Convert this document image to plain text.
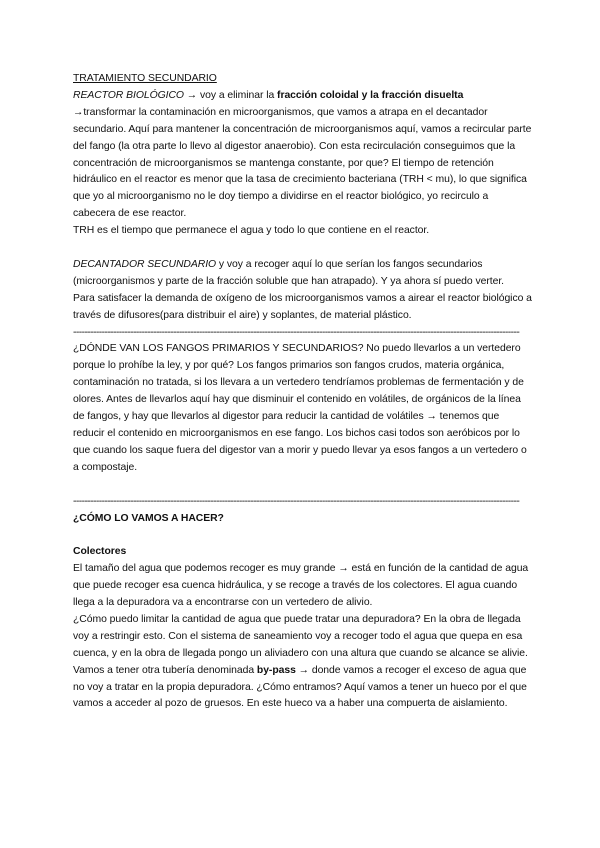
TRATAMIENTO SECUNDARIO

REACTOR BIOLÓGICO → voy a eliminar la fracción coloidal y la fracción disuelta

→transformar la contaminación en microorganismos, que vamos a atrapa en el decantador secundario. Aquí para mantener la concentración de microorganismos aquí, vamos a recircular parte del fango (la otra parte lo llevo al digestor anaerobio). Con esta recirculación conseguimos que la concentración de microorganismos se mantenga constante, por que? El tiempo de retención hidráulico en el reactor es menor que la tasa de crecimiento bacteriana (TRH < mu), lo que significa que yo al microorganismo no le doy tiempo a dividirse en el reactor biológico, yo recirculo a cabecera de ese reactor.

TRH es el tiempo que permanece el agua y todo lo que contiene en el reactor.

DECANTADOR SECUNDARIO y voy a recoger aquí lo que serían los fangos secundarios (microorganismos y parte de la fracción soluble que han atrapado). Y ya ahora sí puedo verter.

Para satisfacer la demanda de oxígeno de los microorganismos vamos a airear el reactor biológico a través de difusores(para distribuir el aire) y soplantes, de material plástico.

------------------------------------------------------------------------------------------------------------------------------------------------------------

¿DÓNDE VAN LOS FANGOS PRIMARIOS Y SECUNDARIOS? No puedo llevarlos a un vertedero porque lo prohíbe la ley, y por qué? Los fangos primarios son fangos crudos, materia orgánica, contaminación no tratada, si los llevara a un vertedero tendríamos problemas de fermentación y de olores. Antes de llevarlos aquí hay que disminuir el contenido en volátiles, de orgánicos de la línea de fangos, y hay que llevarlos al digestor para reducir la cantidad de volátiles → tenemos que reducir el contenido en microorganismos en ese fango. Los bichos casi todos son aeróbicos por lo que cuando los saque fuera del digestor van a morir y puedo llevar ya esos fangos a un vertedero o a compostaje.

------------------------------------------------------------------------------------------------------------------------------------------------------------

¿CÓMO LO VAMOS A HACER?

Colectores

El tamaño del agua que podemos recoger es muy grande → está en función de la cantidad de agua que puede recoger esa cuenca hidráulica, y se recoge a través de los colectores. El agua cuando llega a la depuradora va a encontrarse con un vertedero de alivio.

¿Cómo puedo limitar la cantidad de agua que puede tratar una depuradora? En la obra de llegada voy a restringir esto. Con el sistema de saneamiento voy a recoger todo el agua que quepa en esa cuenca, y en la obra de llegada pongo un aliviadero con una altura que cuando se alcance se alivie.

Vamos a tener otra tubería denominada by-pass → donde vamos a recoger el exceso de agua que no voy a tratar en la propia depuradora. ¿Cómo entramos? Aquí vamos a tener un hueco por el que vamos a acceder al pozo de gruesos. En este hueco va a haber una compuerta de aislamiento.
